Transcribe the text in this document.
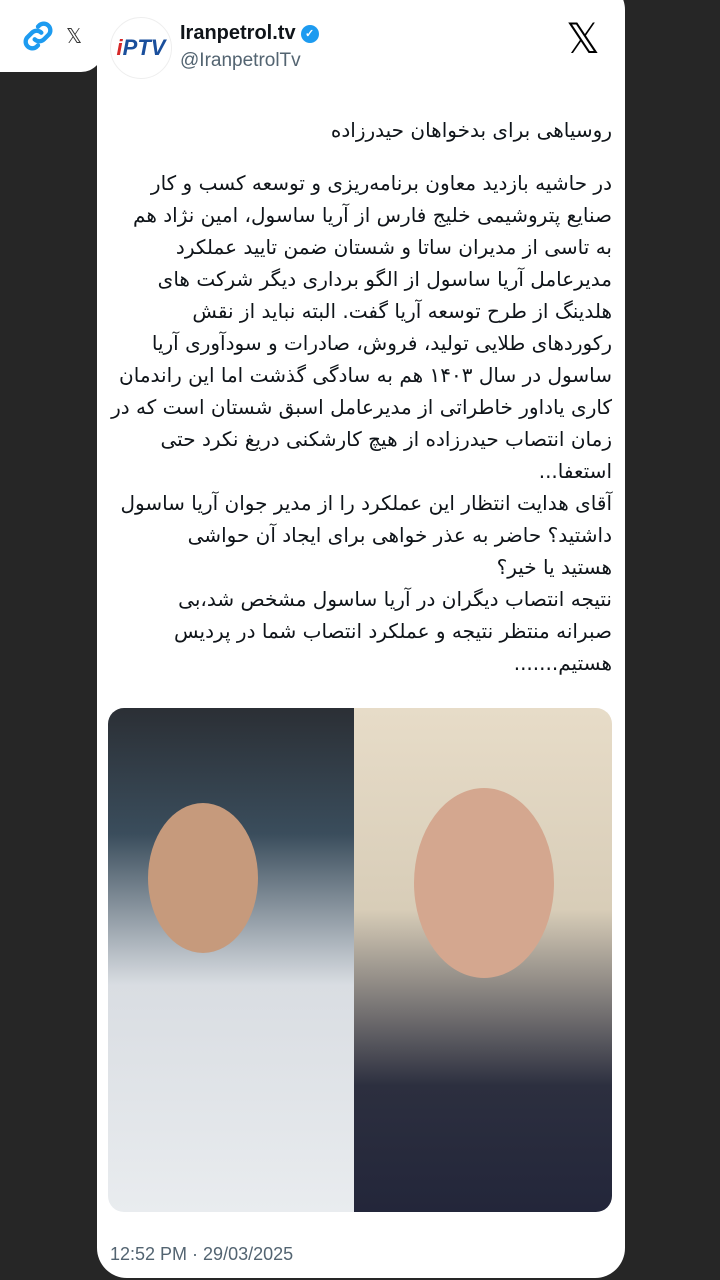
𝕏 iPTV
Iranpetrol.tv ✓
@IranpetrolTv	𝕏
روسیاهی برای بدخواهان حیدرزاده
در حاشیه بازدید معاون برنامه‌ریزی و توسعه کسب و کار
صنایع پتروشیمی خلیج فارس از آریا ساسول، امین نژاد هم
به تاسی از مدیران ساتا و شستان ضمن تایید عملکرد
مدیرعامل آریا ساسول از الگو برداری دیگر شرکت های
هلدینگ از طرح توسعه آریا گفت. البته نباید از نقش
رکوردهای طلایی تولید، فروش، صادرات و سودآوری آریا
ساسول در سال ۱۴۰۳ هم به سادگی گذشت اما این راندمان
کاری یاداور خاطراتی از مدیرعامل اسبق شستان است که در
زمان انتصاب حیدرزاده از هیچ کارشکنی دریغ نکرد حتی
استعفا...
آقای هدایت انتظار این عملکرد را از مدیر جوان آریا ساسول
داشتید؟ حاضر به عذر خواهی برای ایجاد آن حواشی
هستید یا خیر؟
نتیجه انتصاب دیگران در آریا ساسول مشخص شد،بی
صبرانه منتظر نتیجه و عملکرد انتصاب شما در پردیس
هستیم.......
12:52 PM · 29/03/2025
